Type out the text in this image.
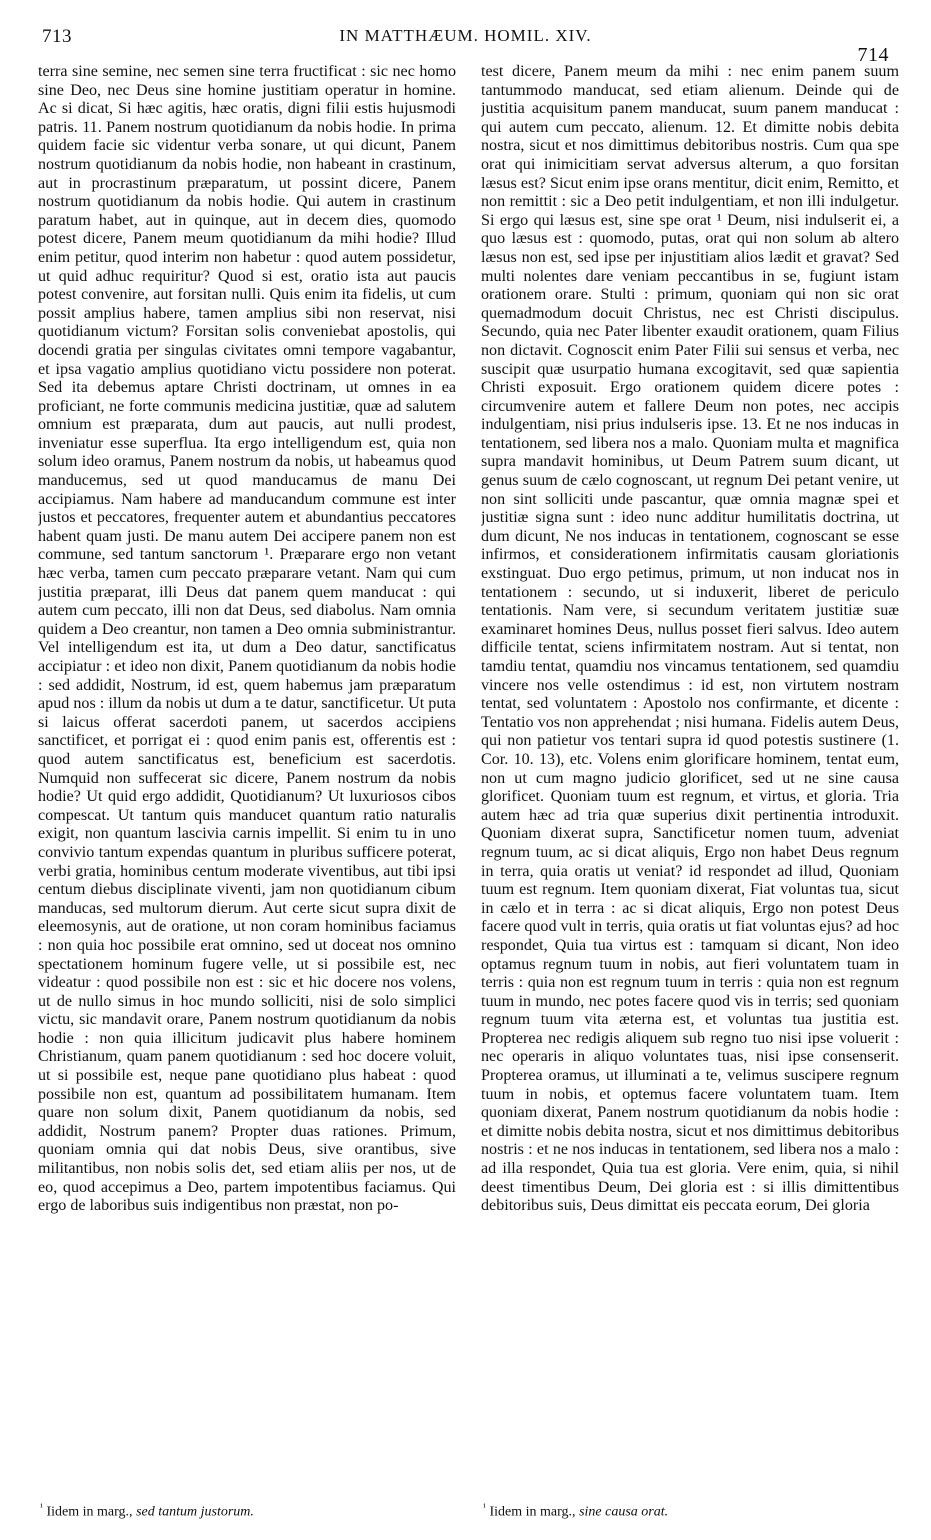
713	IN MATTHÆUM. HOMIL. XIV.
714

terra sine semine, nec semen sine terra fructificat : sic nec homo sine Deo, nec Deus sine homine justitiam operatur in homine. Ac si dicat, Si hæc agitis, hæc oratis, digni filii estis hujusmodi patris. 11. Panem nostrum quotidianum da nobis hodie. In prima quidem facie sic videntur verba sonare, ut qui dicunt, Panem nostrum quotidianum da nobis hodie, non habeant in crastinum, aut in procrastinum præparatum, ut possint dicere, Panem nostrum quotidianum da nobis hodie. Qui autem in crastinum paratum habet, aut in quinque, aut in decem dies, quomodo potest dicere, Panem meum quotidianum da mihi hodie? Illud enim petitur, quod interim non habetur : quod autem possidetur, ut quid adhuc requiritur? Quod si est, oratio ista aut paucis potest convenire, aut forsitan nulli. Quis enim ita fidelis, ut cum possit amplius habere, tamen amplius sibi non reservat, nisi quotidianum victum? Forsitan solis conveniebat apostolis, qui docendi gratia per singulas civitates omni tempore vagabantur, et ipsa vagatio amplius quotidiano victu possidere non poterat. Sed ita debemus aptare Christi doctrinam, ut omnes in ea proficiant, ne forte communis medicina justitiæ, quæ ad salutem omnium est præparata, dum aut paucis, aut nulli prodest, inveniatur esse superflua. Ita ergo intelligendum est, quia non solum ideo oramus, Panem nostrum da nobis, ut habeamus quod manducemus, sed ut quod manducamus de manu Dei accipiamus. Nam habere ad manducandum commune est inter justos et peccatores, frequenter autem et abundantius peccatores habent quam justi. De manu autem Dei accipere panem non est commune, sed tantum sanctorum ¹. Præparare ergo non vetant hæc verba, tamen cum peccato præparare vetant. Nam qui cum justitia præparat, illi Deus dat panem quem manducat : qui autem cum peccato, illi non dat Deus, sed diabolus. Nam omnia quidem a Deo creantur, non tamen a Deo omnia subministrantur. Vel intelligendum est ita, ut dum a Deo datur, sanctificatus accipiatur : et ideo non dixit, Panem quotidianum da nobis hodie : sed addidit, Nostrum, id est, quem habemus jam præparatum apud nos : illum da nobis ut dum a te datur, sanctificetur. Ut puta si laicus offerat sacerdoti panem, ut sacerdos accipiens sanctificet, et porrigat ei : quod enim panis est, offerentis est : quod autem sanctificatus est, beneficium est sacerdotis. Numquid non suffecerat sic dicere, Panem nostrum da nobis hodie? Ut quid ergo addidit, Quotidianum? Ut luxuriosos cibos compescat. Ut tantum quis manducet quantum ratio naturalis exigit, non quantum lascivia carnis impellit. Si enim tu in uno convivio tantum expendas quantum in pluribus sufficere poterat, verbi gratia, hominibus centum moderate viventibus, aut tibi ipsi centum diebus disciplinate viventi, jam non quotidianum cibum manducas, sed multorum dierum. Aut certe sicut supra dixit de eleemosynis, aut de oratione, ut non coram hominibus faciamus : non quia hoc possibile erat omnino, sed ut doceat nos omnino spectationem hominum fugere velle, ut si possibile est, nec videatur : quod possibile non est : sic et hic docere nos volens, ut de nullo simus in hoc mundo solliciti, nisi de solo simplici victu, sic mandavit orare, Panem nostrum quotidianum da nobis hodie : non quia illicitum judicavit plus habere hominem Christianum, quam panem quotidianum : sed hoc docere voluit, ut si possibile est, neque pane quotidiano plus habeat : quod possibile non est, quantum ad possibilitatem humanam. Item quare non solum dixit, Panem quotidianum da nobis, sed addidit, Nostrum panem? Propter duas rationes. Primum, quoniam omnia qui dat nobis Deus, sive orantibus, sive militantibus, non nobis solis det, sed etiam aliis per nos, ut de eo, quod accepimus a Deo, partem impotentibus faciamus. Qui ergo de laboribus suis indigentibus non præstat, non po-

test dicere, Panem meum da mihi : nec enim panem suum tantummodo manducat, sed etiam alienum. Deinde qui de justitia acquisitum panem manducat, suum panem manducat : qui autem cum peccato, alienum. 12. Et dimitte nobis debita nostra, sicut et nos dimittimus debitoribus nostris. Cum qua spe orat qui inimicitiam servat adversus alterum, a quo forsitan læsus est? Sicut enim ipse orans mentitur, dicit enim, Remitto, et non remittit : sic a Deo petit indulgentiam, et non illi indulgetur. Si ergo qui læsus est, sine spe orat ¹ Deum, nisi indulserit ei, a quo læsus est : quomodo, putas, orat qui non solum ab altero læsus non est, sed ipse per injustitiam alios lædit et gravat? Sed multi nolentes dare veniam peccantibus in se, fugiunt istam orationem orare. Stulti : primum, quoniam qui non sic orat quemadmodum docuit Christus, nec est Christi discipulus. Secundo, quia nec Pater libenter exaudit orationem, quam Filius non dictavit. Cognoscit enim Pater Filii sui sensus et verba, nec suscipit quæ usurpatio humana excogitavit, sed quæ sapientia Christi exposuit. Ergo orationem quidem dicere potes : circumvenire autem et fallere Deum non potes, nec accipis indulgentiam, nisi prius indulseris ipse. 13. Et ne nos inducas in tentationem, sed libera nos a malo. Quoniam multa et magnifica supra mandavit hominibus, ut Deum Patrem suum dicant, ut genus suum de cælo cognoscant, ut regnum Dei petant venire, ut non sint solliciti unde pascantur, quæ omnia magnæ spei et justitiæ signa sunt : ideo nunc additur humilitatis doctrina, ut dum dicunt, Ne nos inducas in tentationem, cognoscant se esse infirmos, et considerationem infirmitatis causam gloriationis exstinguat. Duo ergo petimus, primum, ut non inducat nos in tentationem : secundo, ut si induxerit, liberet de periculo tentationis. Nam vere, si secundum veritatem justitiæ suæ examinaret homines Deus, nullus posset fieri salvus. Ideo autem difficile tentat, sciens infirmitatem nostram. Aut si tentat, non tamdiu tentat, quamdiu nos vincamus tentationem, sed quamdiu vincere nos velle ostendimus : id est, non virtutem nostram tentat, sed voluntatem : Apostolo nos confirmante, et dicente : Tentatio vos non apprehendat ; nisi humana. Fidelis autem Deus, qui non patietur vos tentari supra id quod potestis sustinere (1. Cor. 10. 13), etc. Volens enim glorificare hominem, tentat eum, non ut cum magno judicio glorificet, sed ut ne sine causa glorificet. Quoniam tuum est regnum, et virtus, et gloria. Tria autem hæc ad tria quæ superius dixit pertinentia introduxit. Quoniam dixerat supra, Sanctificetur nomen tuum, adveniat regnum tuum, ac si dicat aliquis, Ergo non habet Deus regnum in terra, quia oratis ut veniat? id respondet ad illud, Quoniam tuum est regnum. Item quoniam dixerat, Fiat voluntas tua, sicut in cælo et in terra : ac si dicat aliquis, Ergo non potest Deus facere quod vult in terris, quia oratis ut fiat voluntas ejus? ad hoc respondet, Quia tua virtus est : tamquam si dicant, Non ideo optamus regnum tuum in nobis, aut fieri voluntatem tuam in terris : quia non est regnum tuum in terris : quia non est regnum tuum in mundo, nec potes facere quod vis in terris; sed quoniam regnum tuum vita æterna est, et voluntas tua justitia est. Propterea nec redigis aliquem sub regno tuo nisi ipse voluerit : nec operaris in aliquo voluntates tuas, nisi ipse consenserit. Propterea oramus, ut illuminati a te, velimus suscipere regnum tuum in nobis, et optemus facere voluntatem tuam. Item quoniam dixerat, Panem nostrum quotidianum da nobis hodie : et dimitte nobis debita nostra, sicut et nos dimittimus debitoribus nostris : et ne nos inducas in tentationem, sed libera nos a malo : ad illa respondet, Quia tua est gloria. Vere enim, quia, si nihil deest timentibus Deum, Dei gloria est : si illis dimittentibus debitoribus suis, Deus dimittat eis peccata eorum, Dei gloria

$^{^1}$ Iidem in marg., sed tantum justorum.	$^{^1}$ Iidem in marg., sine causa orat.
